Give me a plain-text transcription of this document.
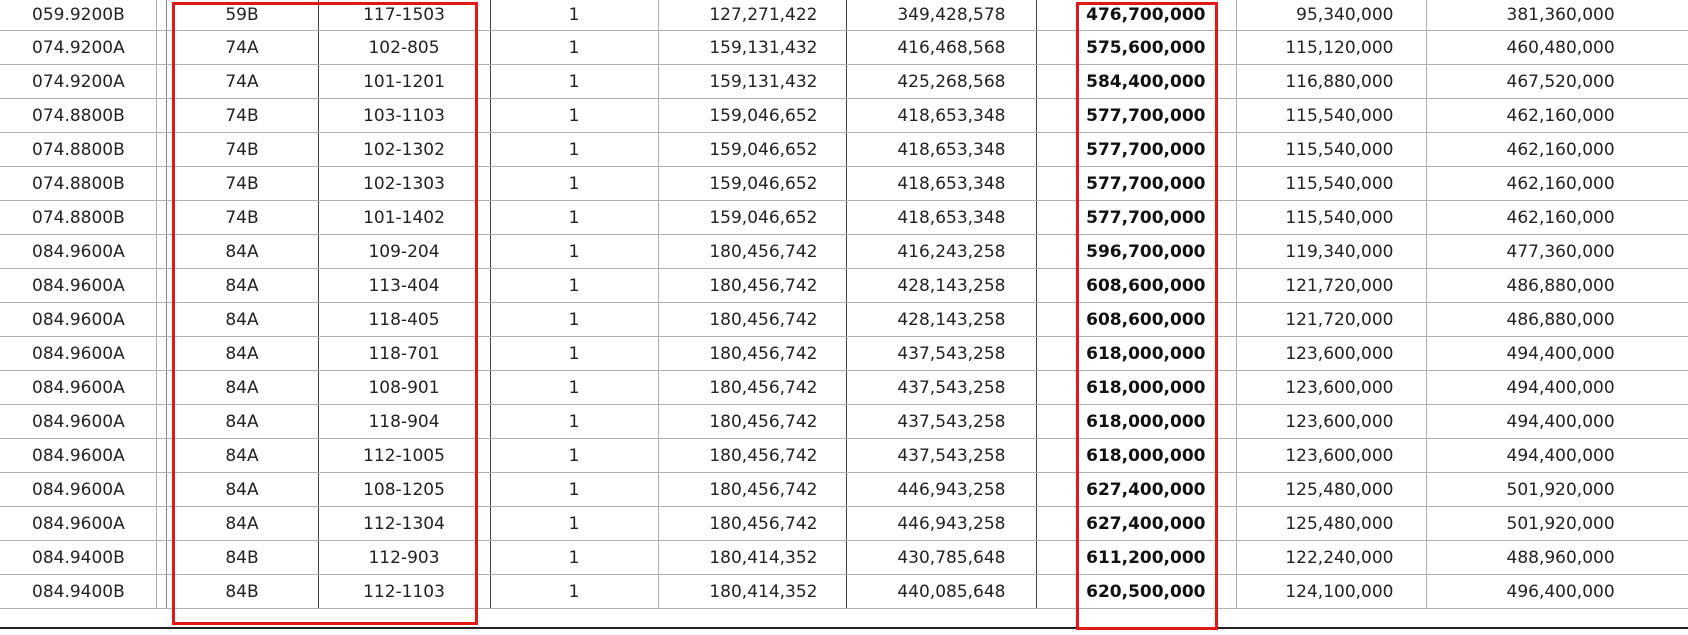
059.9200B		59B	117-1503	1	127,271,422	349,428,578	476,700,000	95,340,000	381,360,000
074.9200A		74A	102-805	1	159,131,432	416,468,568	575,600,000	115,120,000	460,480,000
074.9200A		74A	101-1201	1	159,131,432	425,268,568	584,400,000	116,880,000	467,520,000
074.8800B		74B	103-1103	1	159,046,652	418,653,348	577,700,000	115,540,000	462,160,000
074.8800B		74B	102-1302	1	159,046,652	418,653,348	577,700,000	115,540,000	462,160,000
074.8800B		74B	102-1303	1	159,046,652	418,653,348	577,700,000	115,540,000	462,160,000
074.8800B		74B	101-1402	1	159,046,652	418,653,348	577,700,000	115,540,000	462,160,000
084.9600A		84A	109-204	1	180,456,742	416,243,258	596,700,000	119,340,000	477,360,000
084.9600A		84A	113-404	1	180,456,742	428,143,258	608,600,000	121,720,000	486,880,000
084.9600A		84A	118-405	1	180,456,742	428,143,258	608,600,000	121,720,000	486,880,000
084.9600A		84A	118-701	1	180,456,742	437,543,258	618,000,000	123,600,000	494,400,000
084.9600A		84A	108-901	1	180,456,742	437,543,258	618,000,000	123,600,000	494,400,000
084.9600A		84A	118-904	1	180,456,742	437,543,258	618,000,000	123,600,000	494,400,000
084.9600A		84A	112-1005	1	180,456,742	437,543,258	618,000,000	123,600,000	494,400,000
084.9600A		84A	108-1205	1	180,456,742	446,943,258	627,400,000	125,480,000	501,920,000
084.9600A		84A	112-1304	1	180,456,742	446,943,258	627,400,000	125,480,000	501,920,000
084.9400B		84B	112-903	1	180,414,352	430,785,648	611,200,000	122,240,000	488,960,000
084.9400B		84B	112-1103	1	180,414,352	440,085,648	620,500,000	124,100,000	496,400,000
